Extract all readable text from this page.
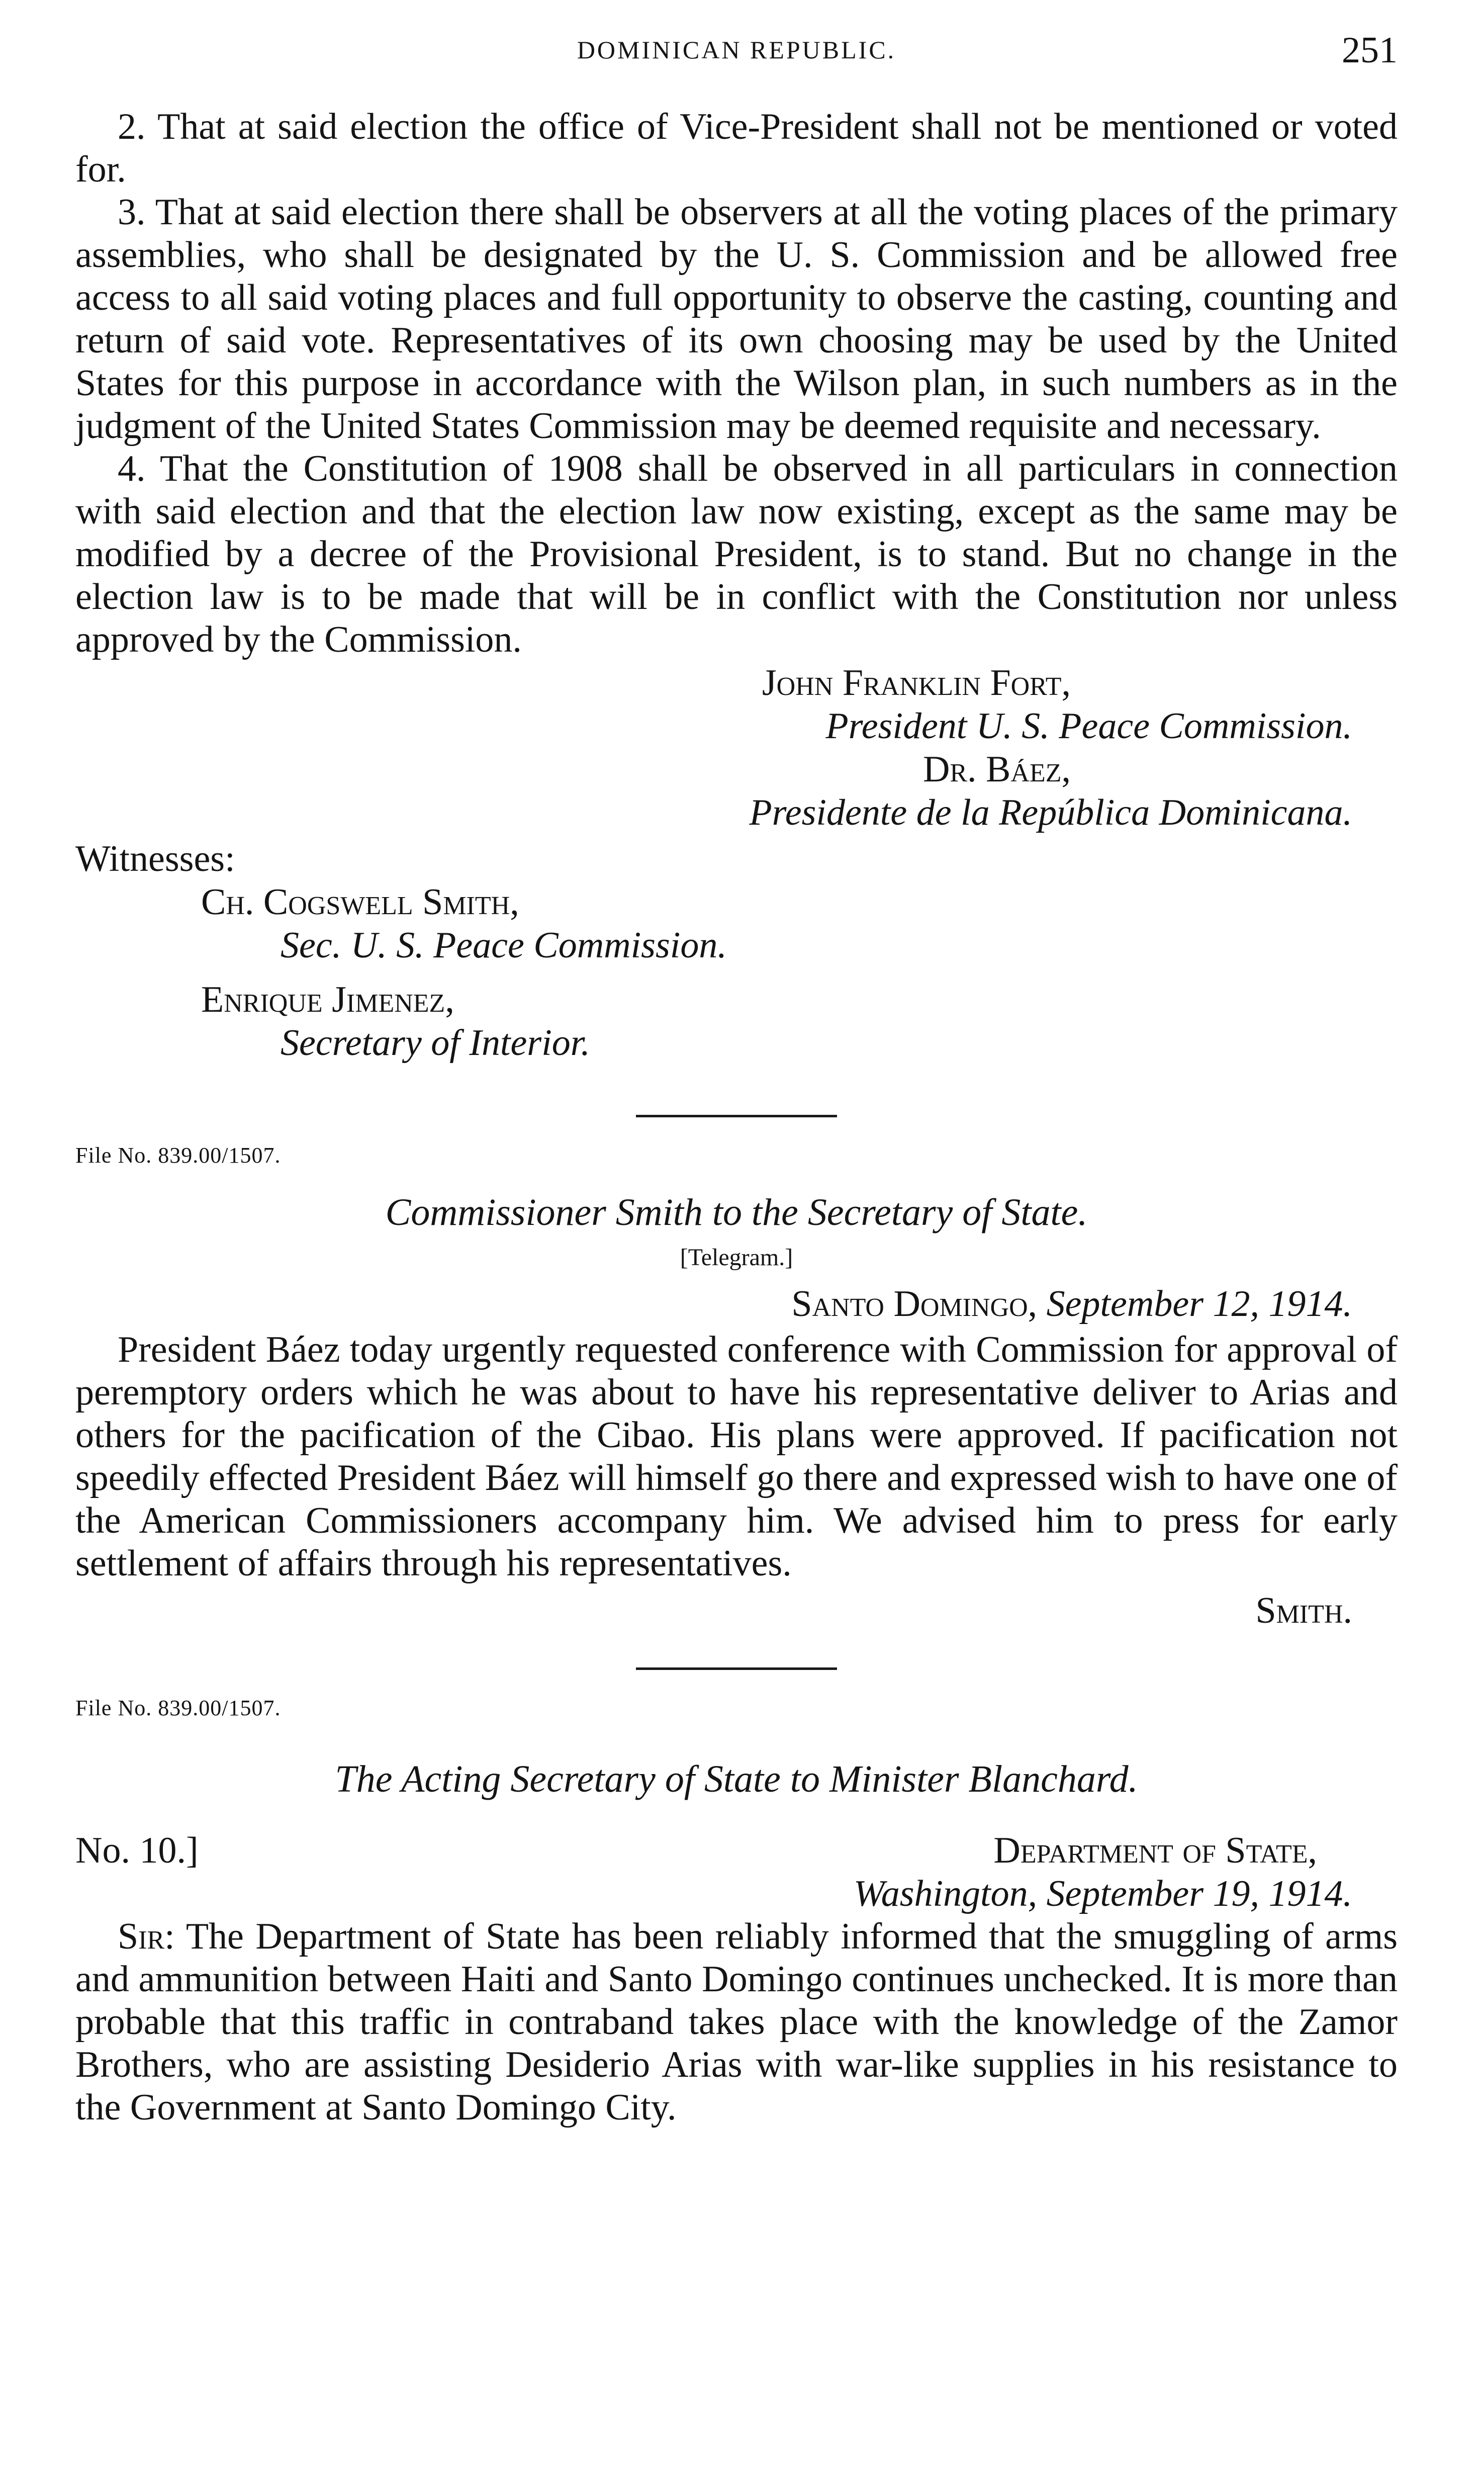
DOMINICAN REPUBLIC.	251

2. That at said election the office of Vice-President shall not be mentioned or voted for.

3. That at said election there shall be observers at all the voting places of the primary assemblies, who shall be designated by the U. S. Commission and be allowed free access to all said voting places and full opportunity to observe the casting, counting and return of said vote. Representatives of its own choosing may be used by the United States for this purpose in accordance with the Wilson plan, in such numbers as in the judgment of the United States Commission may be deemed requisite and necessary.

4. That the Constitution of 1908 shall be observed in all particulars in connection with said election and that the election law now existing, except as the same may be modified by a decree of the Provisional President, is to stand. But no change in the election law is to be made that will be in conflict with the Constitution nor unless approved by the Commission.

John Franklin Fort,
President U. S. Peace Commission.
Dr. Báez,
Presidente de la República Dominicana.
Witnesses:
Ch. Cogswell Smith,
Sec. U. S. Peace Commission.
Enrique Jimenez,
Secretary of Interior.
File No. 839.00/1507.
Commissioner Smith to the Secretary of State.
[Telegram.]
Santo Domingo, September 12, 1914.

President Báez today urgently requested conference with Commission for approval of peremptory orders which he was about to have his representative deliver to Arias and others for the pacification of the Cibao. His plans were approved. If pacification not speedily effected President Báez will himself go there and expressed wish to have one of the American Commissioners accompany him. We advised him to press for early settlement of affairs through his representatives.

Smith.
File No. 839.00/1507.
The Acting Secretary of State to Minister Blanchard.
No. 10.]	Department of State,
Washington, September 19, 1914.

Sir: The Department of State has been reliably informed that the smuggling of arms and ammunition between Haiti and Santo Domingo continues unchecked. It is more than probable that this traffic in contraband takes place with the knowledge of the Zamor Brothers, who are assisting Desiderio Arias with war-like supplies in his resistance to the Government at Santo Domingo City.
